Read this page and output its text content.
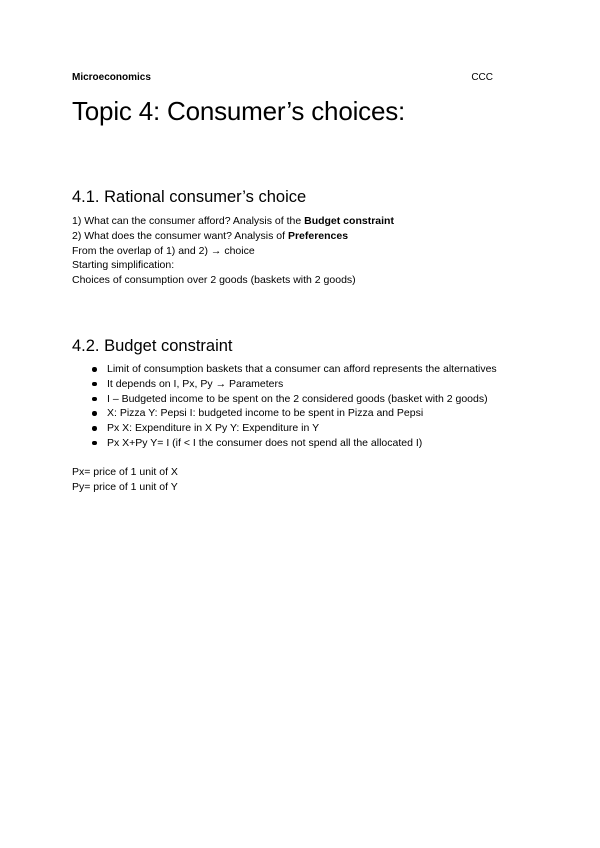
Microeconomics	CCC
Topic 4: Consumer’s choices:
4.1. Rational consumer’s choice
1) What can the consumer afford? Analysis of the Budget constraint
2) What does the consumer want? Analysis of Preferences
From the overlap of 1) and 2) → choice
Starting simplification:
Choices of consumption over 2 goods (baskets with 2 goods)
4.2. Budget constraint
Limit of consumption baskets that a consumer can afford represents the alternatives
It depends on I, Px, Py → Parameters
I – Budgeted income to be spent on the 2 considered goods (basket with 2 goods)
X: Pizza Y: Pepsi I: budgeted income to be spent in Pizza and Pepsi
Px X: Expenditure in X Py Y: Expenditure in Y
Px X+Py Y= I (if < I the consumer does not spend all the allocated I)
Px= price of 1 unit of X
Py= price of 1 unit of Y
